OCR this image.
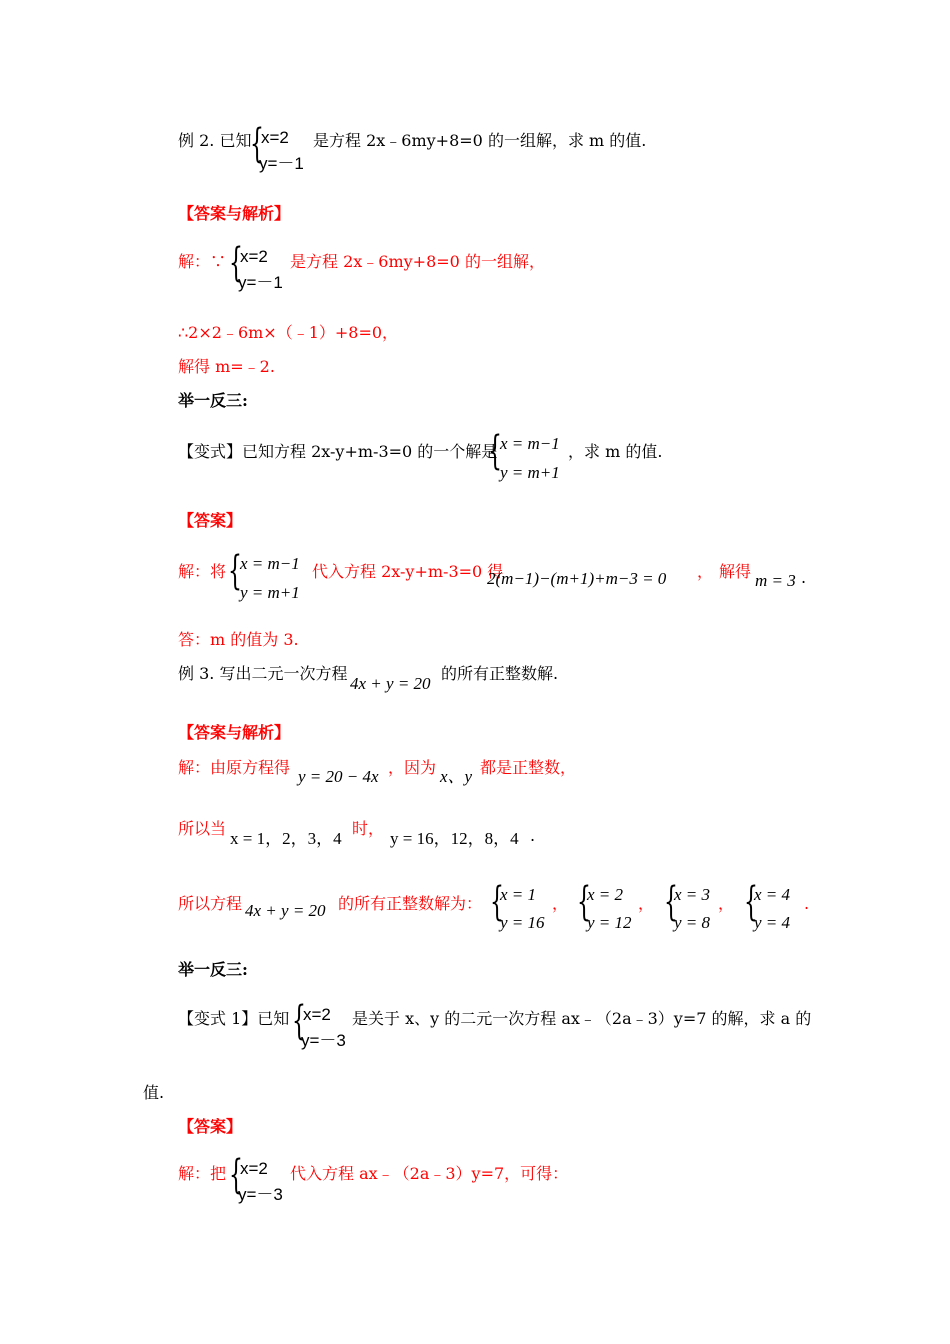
例 2. 已知
{
x=2
y=－1
是方程 2x﹣6my+8=0 的一组解，求 m 的值.
【答案与解析】
解：∵ {
x=2
y=－1
是方程 2x﹣6my+8=0 的一组解，
∴2×2﹣6m×（﹣1）+8=0，
解得 m=﹣2.
举一反三:
【变式】已知方程 2x-y+m-3=0 的一个解是
{
x = m−1
y = m+1
，求 m 的值.
【答案】
解：将 {
x = m−1
y = m+1
代入方程 2x-y+m-3=0 得
2(m−1)−(m+1)+m−3 = 0 ， 解得 m = 3 .
答：m 的值为 3.
例 3. 写出二元一次方程
4x + y = 20
的所有正整数解.
【答案与解析】
解：由原方程得 y = 20 − 4x ，因为 x、y 都是正整数，
所以当
x = 1，2，3，4
时，
y = 16，12，8，4 .
所以方程 4x + y = 20 的所有正整数解为： {
x = 1
y = 16
， {
x = 2
y = 12
， {
x = 3
y = 8
， {
x = 4
y = 4
.
举一反三:
【变式 1】已知 {
x=2
y=－3
是关于 x、y 的二元一次方程 ax﹣（2a﹣3）y=7 的解，求 a 的
值.
【答案】
解：把 {
x=2
y=－3
代入方程 ax﹣（2a﹣3）y=7，可得：
